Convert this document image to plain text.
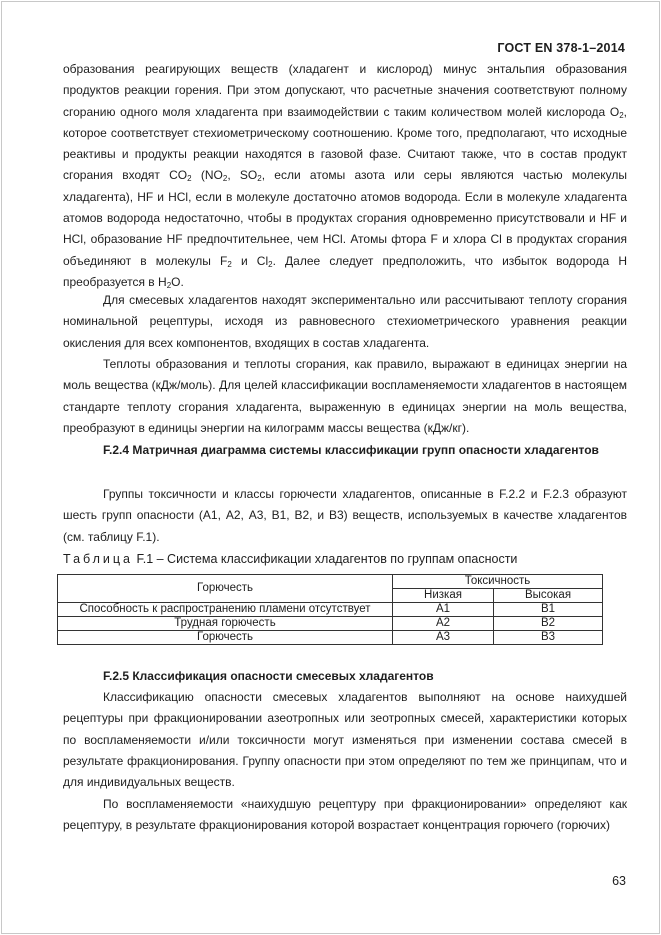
ГОСТ EN 378-1–2014

образования реагирующих веществ (хладагент и кислород) минус энтальпия образования продуктов реакции горения. При этом допускают, что расчетные значения соответствуют полному сгоранию одного моля хладагента при взаимодействии с таким количеством молей кислорода $O_2$, которое соответствует стехиометрическому соотношению. Кроме того, предполагают, что исходные реактивы и продукты реакции находятся в газовой фазе. Считают также, что в состав продукт сгорания входят $CO_2$ ($NO_2$, $SO_2$, если атомы азота или серы являются частью молекулы хладагента), HF и HCl, если в молекуле достаточно атомов водорода. Если в молекуле хладагента атомов водорода недостаточно, чтобы в продуктах сгорания одновременно присутствовали и HF и HCl, образование HF предпочтительнее, чем HCl. Атомы фтора F и хлора Cl в продуктах сгорания объединяют в молекулы $F_2$ и $Cl_2$. Далее следует предположить, что избыток водорода H преобразуется в $H_2O$.

Для смесевых хладагентов находят экспериментально или рассчитывают теплоту сгорания номинальной рецептуры, исходя из равновесного стехиометрического уравнения реакции окисления для всех компонентов, входящих в состав хладагента.

Теплоты образования и теплоты сгорания, как правило, выражают в единицах энергии на моль вещества (кДж/моль). Для целей классификации воспламеняемости хладагентов в настоящем стандарте теплоту сгорания хладагента, выраженную в единицах энергии на моль вещества, преобразуют в единицы энергии на килограмм массы вещества (кДж/кг).

F.2.4 Матричная диаграмма системы классификации групп опасности хладагентов

Группы токсичности и классы горючести хладагентов, описанные в F.2.2 и F.2.3 образуют шесть групп опасности (А1, А2, А3, В1, В2, и В3) веществ, используемых в качестве хладагентов (см. таблицу F.1).

Таблица F.1 – Система классификации хладагентов по группам опасности
Горючесть	Токсичность	
	Низкая	Высокая
Способность к распространению пламени отсутствует	А1	В1
Трудная горючесть	А2	В2
Горючесть	А3	В3

F.2.5 Классификация опасности смесевых хладагентов

Классификацию опасности смесевых хладагентов выполняют на основе наихудшей рецептуры при фракционировании азеотропных или зеотропных смесей, характеристики которых по воспламеняемости и/или токсичности могут изменяться при изменении состава смесей в результате фракционирования. Группу опасности при этом определяют по тем же принципам, что и для индивидуальных веществ.

По воспламеняемости «наихудшую рецептуру при фракционировании» определяют как рецептуру, в результате фракционирования которой возрастает концентрация горючего (горючих)

63
